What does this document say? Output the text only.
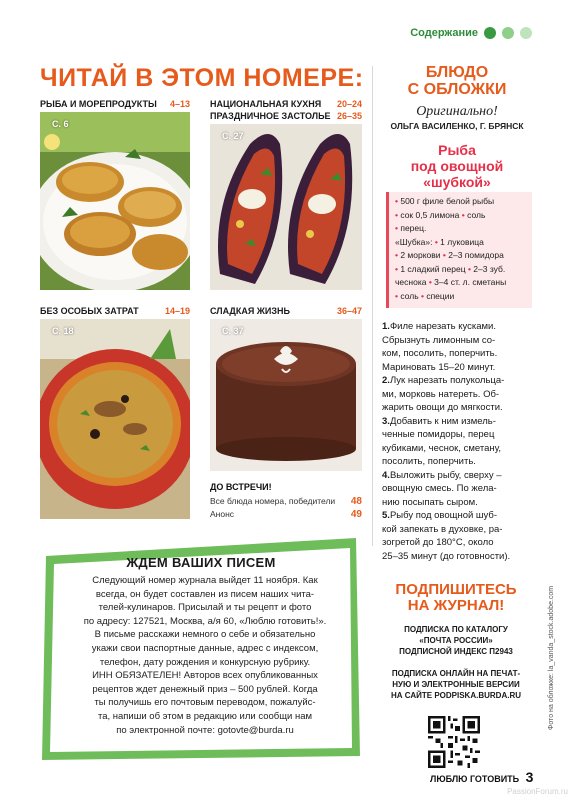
Содержание
ЧИТАЙ В ЭТОМ НОМЕРЕ:
РЫБА И МОРЕПРОДУКТЫ 4–13
С. 6
НАЦИОНАЛЬНАЯ КУХНЯ 20–24
ПРАЗДНИЧНОЕ ЗАСТОЛЬЕ 26–35
С. 27
БЕЗ ОСОБЫХ ЗАТРАТ	14–19
С. 18
СЛАДКАЯ ЖИЗНЬ	36–47
С. 37
ДО ВСТРЕЧИ!
Все блюда номера, победители 48
Анонс	49
БЛЮДО
С ОБЛОЖКИ
Оригинально!
ОЛЬГА ВАСИЛЕНКО, Г. БРЯНСК
Рыба
под овощной
«шубкой»
• 500 г филе белой рыбы
• сок 0,5 лимона • соль
• перец.
«Шубка»: • 1 луковица
• 2 моркови • 2–3 помидора
• 1 сладкий перец • 2–3 зуб.
чеснока • 3–4 ст. л. сметаны
• соль • специи
1.Филе нарезать кусками.
Сбрызнуть лимонным со-
ком, посолить, поперчить.
Мариновать 15–20 минут.
2.Лук нарезать полукольца-
ми, морковь натереть. Об-
жарить овощи до мягкости.
3.Добавить к ним измель-
ченные помидоры, перец
кубиками, чеснок, сметану,
посолить, поперчить.
4.Выложить рыбу, сверху –
овощную смесь. По жела-
нию посыпать сыром.
5.Рыбу под овощной шуб-
кой запекать в духовке, ра-
зогретой до 180°С, около
25–35 минут (до готовности).
ПОДПИШИТЕСЬ
НА ЖУРНАЛ!
ПОДПИСКА ПО КАТАЛОГУ
«ПОЧТА РОССИИ»
ПОДПИСНОЙ ИНДЕКС П2943
ПОДПИСКА ОНЛАЙН НА ПЕЧАТ-
НУЮ И ЭЛЕКТРОННЫЕ ВЕРСИИ
НА САЙТЕ PODPISKA.BURDA.RU	Фото на обложке: la_vanda_stock.adobe.com
ЖДЕМ ВАШИХ ПИСЕМ
Следующий номер журнала выйдет 11 ноября. Как
всегда, он будет составлен из писем наших чита-
телей-кулинаров. Присылай и ты рецепт и фото
по адресу: 127521, Москва, а/я 60, «Люблю готовить!».
В письме расскажи немного о себе и обязательно
укажи свои паспортные данные, адрес с индексом,
телефон, дату рождения и конкурсную рубрику.
ИНН ОБЯЗАТЕЛЕН! Авторов всех опубликованных
рецептов ждет денежный приз – 500 рублей. Когда
ты получишь его почтовым переводом, пожалуйс-
та, напиши об этом в редакцию или сообщи нам
по электронной почте: gotovte@burda.ru
ЛЮБЛЮ ГОТОВИТЬ 3
PassionForum.ru
